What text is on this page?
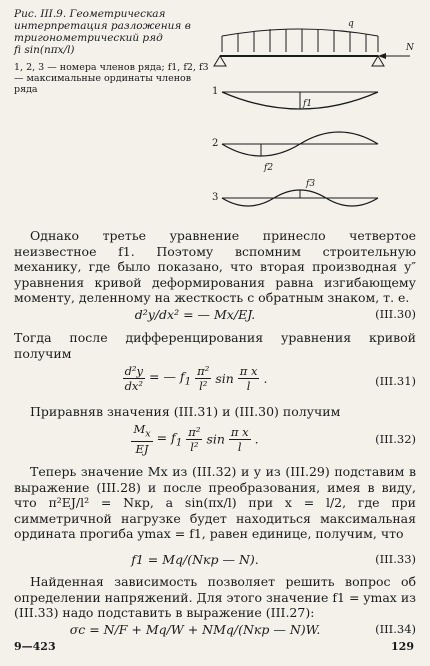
Рис. III.9. Геометрическая интерпретация разложения в тригонометрический ряд
fi sin(nπx/l)
1, 2, 3 — номера членов ряда; f1, f2, f3 — максимальные ординаты членов ряда
q
N
1
f1
2
f2
3
f3
Однако третье уравнение принесло четвертое неизвестное f1. Поэтому вспомним строительную механику, где было показано, что вторая производная y″ уравнения кривой деформирования равна изгибающему моменту, деленному на жесткость с обратным знаком, т. е.
d²y/dx² = — Mx/EJ.	(III.30)
Тогда после дифференцирования уравнения кривой получим
$\frac{\text{d²y}}{\text{dx²}}$ = — $f_1 \frac{\text{π²}}{\text{l²}}$ $\sin \frac{\text{π x}}{l}$ .	(III.31)
Приравняв значения (III.31) и (III.30) получим
$\frac{M_x}{EJ} = f_1 \frac{\text{π²}}{\text{l²}}$ $\sin \frac{\text{π x}}{l}$ .	(III.32)
Теперь значение Mx из (III.32) и y из (III.29) подставим в выражение (III.28) и после преобразования, имея в виду, что π²EJ/l² = Nкр, а sin(πx/l) при x = l/2, где при симметричной нагрузке будет находиться максимальная ордината прогиба ymax = f1, равен единице, получим, что
f1 = Mq/(Nкр — N).	(III.33)
Найденная зависимость позволяет решить вопрос об определении напряжений. Для этого значение f1 = ymax из (III.33) надо подставить в выражение (III.27):
σc = N/F + Mq/W + NMq/(Nкр — N)W.	(III.34)
9—423	129
